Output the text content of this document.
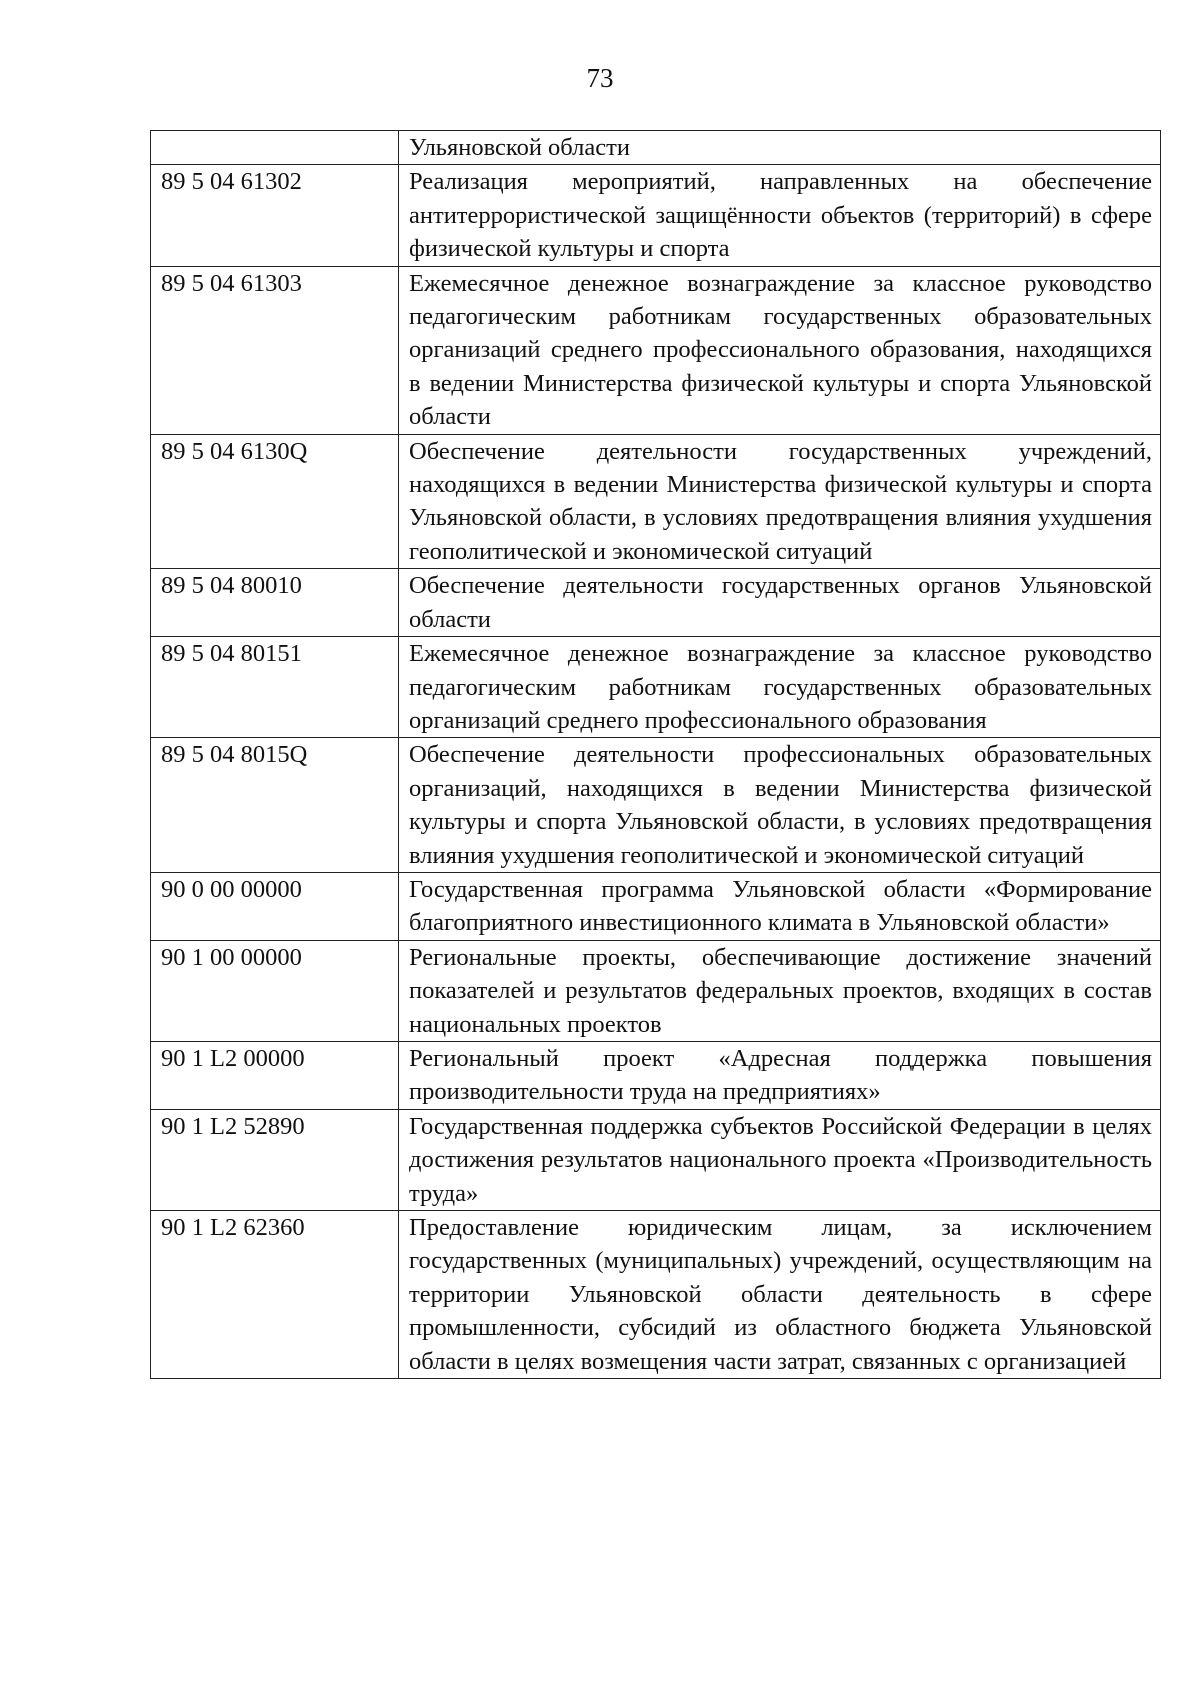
73
	Ульяновской области
89 5 04 61302	Реализация мероприятий, направленных на обеспечение антитеррористической защищённости объектов (территорий) в сфере физической культуры и спорта
89 5 04 61303	Ежемесячное денежное вознаграждение за классное руководство педагогическим работникам государственных образовательных организаций среднего профессионального образования, находящихся в ведении Министерства физической культуры и спорта Ульяновской области
89 5 04 6130Q	Обеспечение деятельности государственных учреждений, находящихся в ведении Министерства физической культуры и спорта Ульяновской области, в условиях предотвращения влияния ухудшения геополитической и экономической ситуаций
89 5 04 80010	Обеспечение деятельности государственных органов Ульяновской области
89 5 04 80151	Ежемесячное денежное вознаграждение за классное руководство педагогическим работникам государственных образовательных организаций среднего профессионального образования
89 5 04 8015Q	Обеспечение деятельности профессиональных образовательных организаций, находящихся в ведении Министерства физической культуры и спорта Ульяновской области, в условиях предотвращения влияния ухудшения геополитической и экономической ситуаций
90 0 00 00000	Государственная программа Ульяновской области «Формирование благоприятного инвестиционного климата в Ульяновской области»
90 1 00 00000	Региональные проекты, обеспечивающие достижение значений показателей и результатов федеральных проектов, входящих в состав национальных проектов
90 1 L2 00000	Региональный проект «Адресная поддержка повышения производительности труда на предприятиях»
90 1 L2 52890	Государственная поддержка субъектов Российской Федерации в целях достижения результатов национального проекта «Производительность труда»
90 1 L2 62360	Предоставление юридическим лицам, за исключением государственных (муниципальных) учреждений, осуществляющим на территории Ульяновской области деятельность в сфере промышленности, субсидий из областного бюджета Ульяновской области в целях возмещения части затрат, связанных с организацией
